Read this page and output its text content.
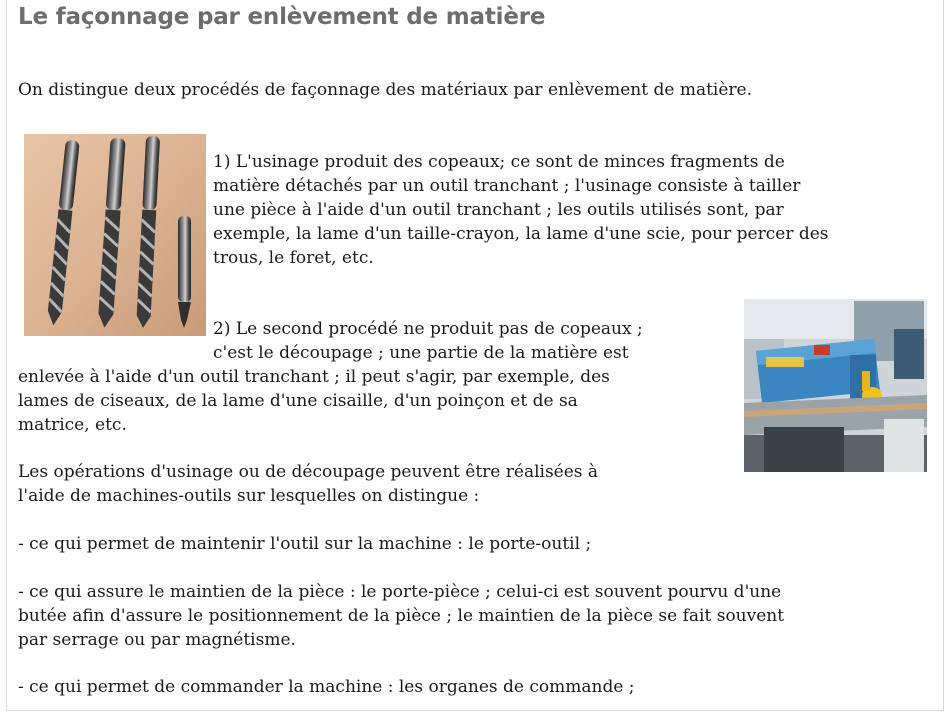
Le façonnage par enlèvement de matière
On distingue deux procédés de façonnage des matériaux par enlèvement de matière.
1) L'usinage produit des copeaux; ce sont de minces fragments de
matière détachés par un outil tranchant ; l'usinage consiste à tailler
une pièce à l'aide d'un outil tranchant ; les outils utilisés sont, par
exemple, la lame d'un taille-crayon, la lame d'une scie, pour percer des
trous, le foret, etc.
2) Le second procédé ne produit pas de copeaux ;
c'est le découpage ; une partie de la matière est
enlevée à l'aide d'un outil tranchant ; il peut s'agir, par exemple, des
lames de ciseaux, de la lame d'une cisaille, d'un poinçon et de sa
matrice, etc.
Les opérations d'usinage ou de découpage peuvent être réalisées à
l'aide de machines-outils sur lesquelles on distingue :
- ce qui permet de maintenir l'outil sur la machine : le porte-outil ;
- ce qui assure le maintien de la pièce : le porte-pièce ; celui-ci est souvent pourvu d'une
butée afin d'assure le positionnement de la pièce ; le maintien de la pièce se fait souvent
par serrage ou par magnétisme.
- ce qui permet de commander la machine : les organes de commande ;
